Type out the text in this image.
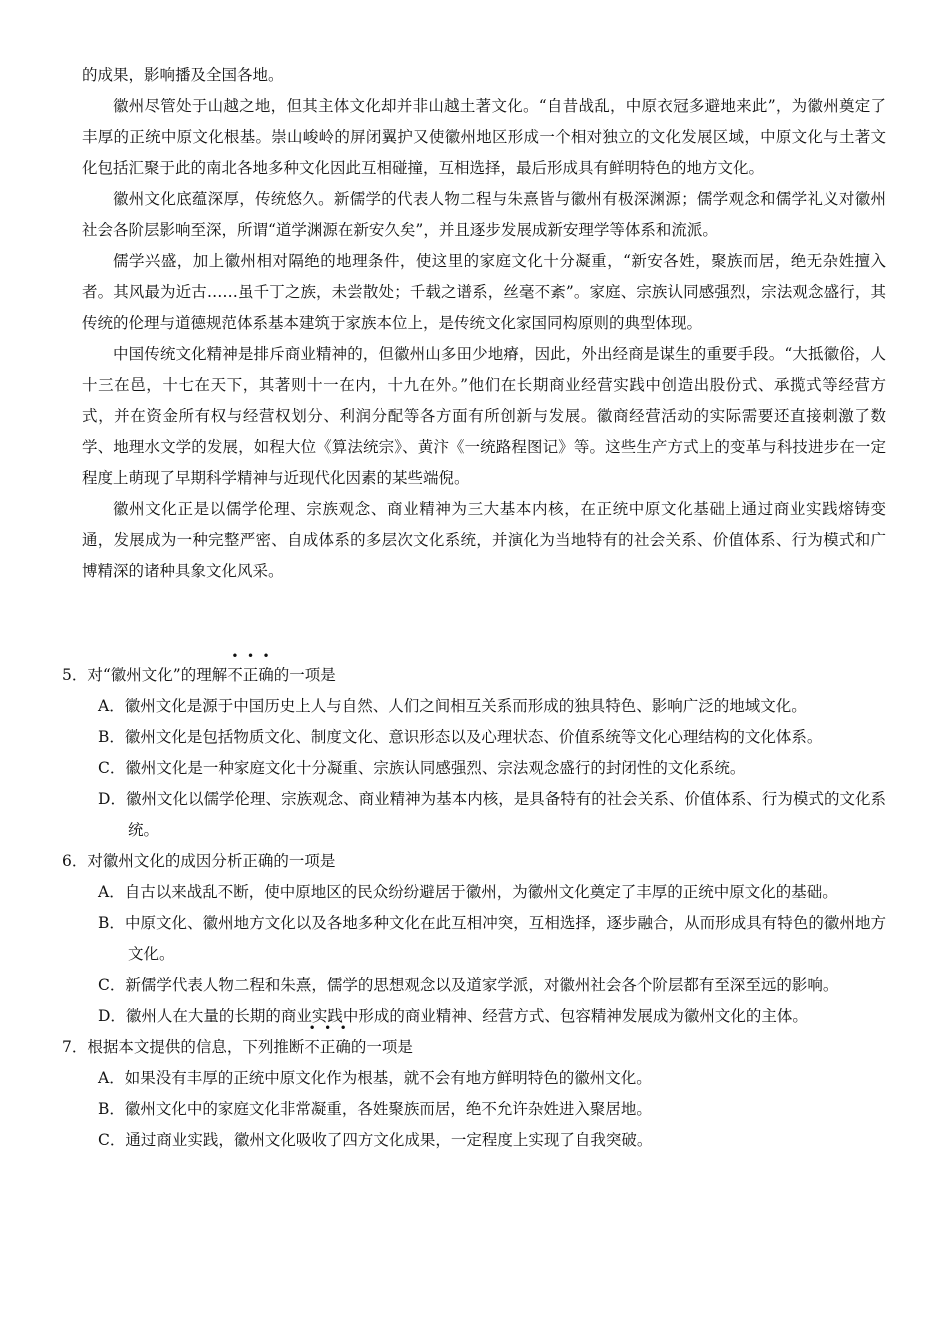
的成果，影响播及全国各地。

徽州尽管处于山越之地，但其主体文化却并非山越土著文化。“自昔战乱，中原衣冠多避地来此”，为徽州奠定了丰厚的正统中原文化根基。崇山峻岭的屏闭翼护又使徽州地区形成一个相对独立的文化发展区域，中原文化与土著文化包括汇聚于此的南北各地多种文化因此互相碰撞，互相选择，最后形成具有鲜明特色的地方文化。

徽州文化底蕴深厚，传统悠久。新儒学的代表人物二程与朱熹皆与徽州有极深渊源；儒学观念和儒学礼义对徽州社会各阶层影响至深，所谓“道学渊源在新安久矣”，并且逐步发展成新安理学等体系和流派。

儒学兴盛，加上徽州相对隔绝的地理条件，使这里的家庭文化十分凝重，“新安各姓，聚族而居，绝无杂姓擅入者。其风最为近古……虽千丁之族，未尝散处；千载之谱系，丝毫不紊”。家庭、宗族认同感强烈，宗法观念盛行，其传统的伦理与道德规范体系基本建筑于家族本位上，是传统文化家国同构原则的典型体现。

中国传统文化精神是排斥商业精神的，但徽州山多田少地瘠，因此，外出经商是谋生的重要手段。“大抵徽俗，人十三在邑，十七在天下，其著则十一在内，十九在外。”他们在长期商业经营实践中创造出股份式、承揽式等经营方式，并在资金所有权与经营权划分、利润分配等各方面有所创新与发展。徽商经营活动的实际需要还直接刺激了数学、地理水文学的发展，如程大位《算法统宗》、黄汴《一统路程图记》等。这些生产方式上的变革与科技进步在一定程度上萌现了早期科学精神与近现代化因素的某些端倪。

徽州文化正是以儒学伦理、宗族观念、商业精神为三大基本内核，在正统中原文化基础上通过商业实践熔铸变通，发展成为一种完整严密、自成体系的多层次文化系统，并演化为当地特有的社会关系、价值体系、行为模式和广博精深的诸种具象文化风采。

5．对“徽州文化”的理解不正确的一项是

A．徽州文化是源于中国历史上人与自然、人们之间相互关系而形成的独具特色、影响广泛的地域文化。

B．徽州文化是包括物质文化、制度文化、意识形态以及心理状态、价值系统等文化心理结构的文化体系。

C．徽州文化是一种家庭文化十分凝重、宗族认同感强烈、宗法观念盛行的封闭性的文化系统。

D．徽州文化以儒学伦理、宗族观念、商业精神为基本内核，是具备特有的社会关系、价值体系、行为模式的文化系统。

6．对徽州文化的成因分析正确的一项是

A．自古以来战乱不断，使中原地区的民众纷纷避居于徽州，为徽州文化奠定了丰厚的正统中原文化的基础。

B．中原文化、徽州地方文化以及各地多种文化在此互相冲突，互相选择，逐步融合，从而形成具有特色的徽州地方文化。

C．新儒学代表人物二程和朱熹，儒学的思想观念以及道家学派，对徽州社会各个阶层都有至深至远的影响。

D．徽州人在大量的长期的商业实践中形成的商业精神、经营方式、包容精神发展成为徽州文化的主体。

7．根据本文提供的信息，下列推断不正确的一项是

A．如果没有丰厚的正统中原文化作为根基，就不会有地方鲜明特色的徽州文化。

B．徽州文化中的家庭文化非常凝重，各姓聚族而居，绝不允许杂姓进入聚居地。

C．通过商业实践，徽州文化吸收了四方文化成果，一定程度上实现了自我突破。
